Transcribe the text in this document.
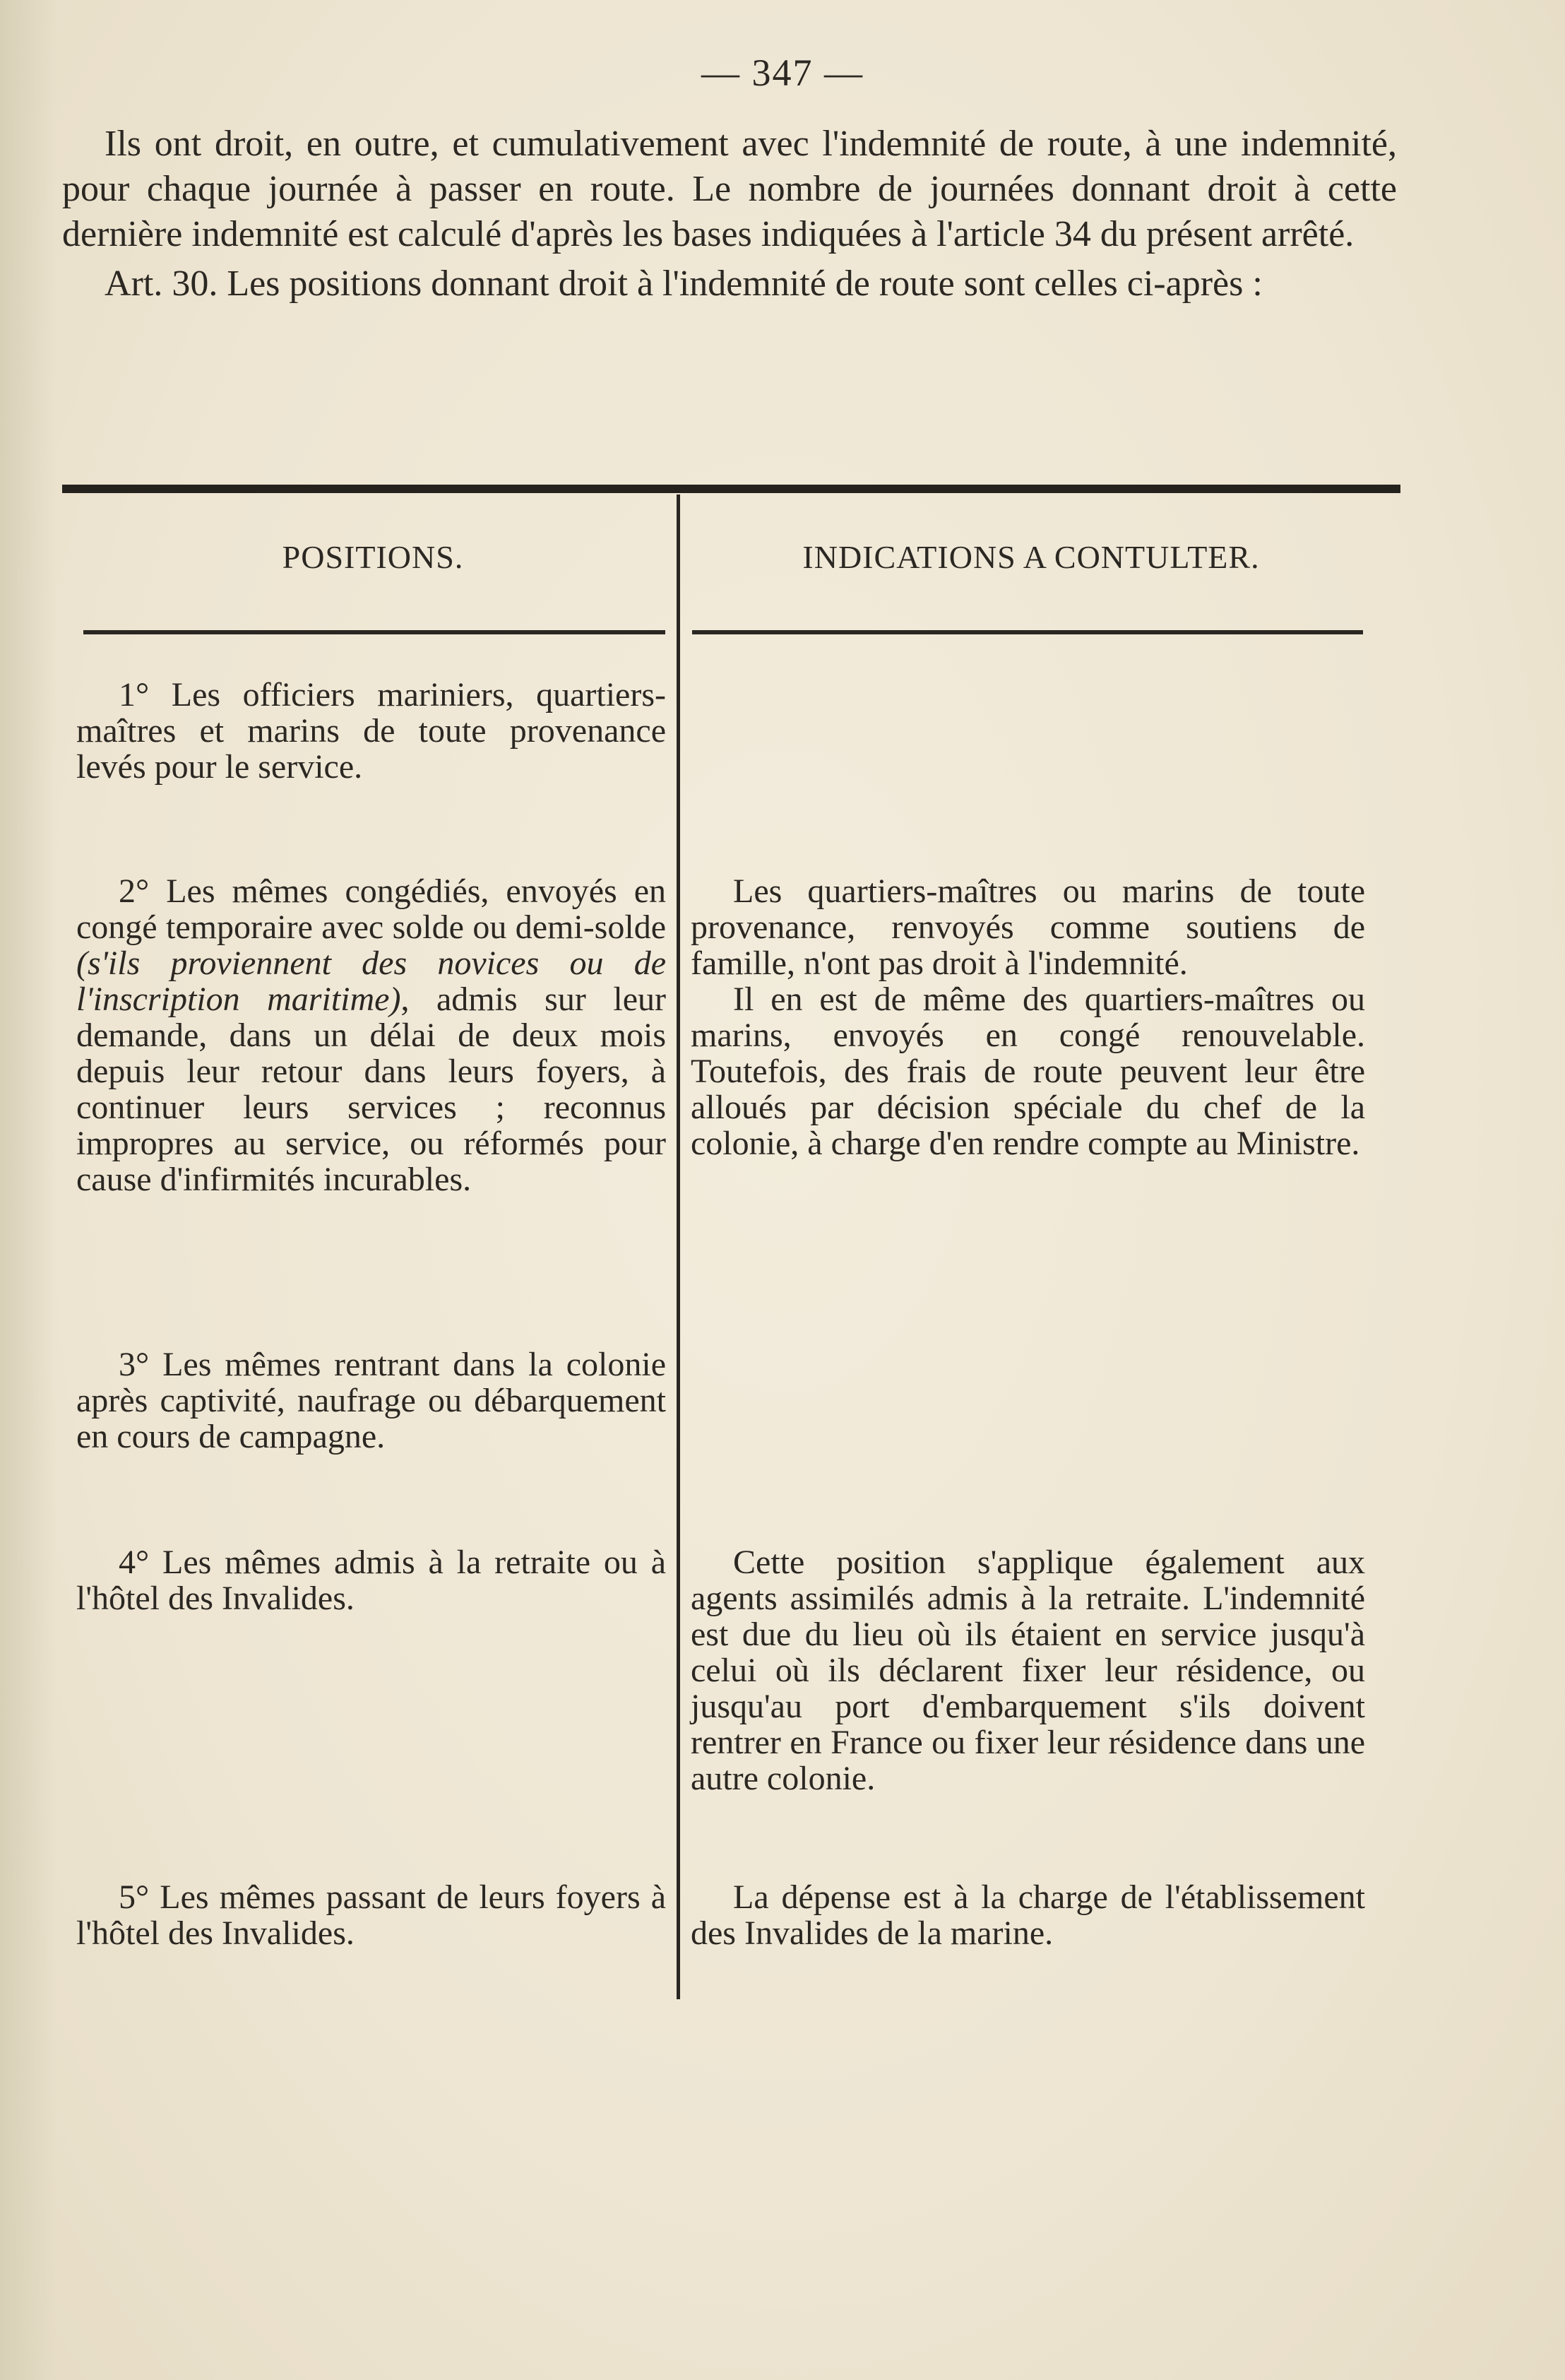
— 347 —

Ils ont droit, en outre, et cumulativement avec l'indemnité de route, à une indemnité, pour chaque journée à passer en route. Le nombre de journées donnant droit à cette dernière indemnité est calculé d'après les bases indiquées à l'article 34 du présent arrêté.

Art. 30. Les positions donnant droit à l'indemnité de route sont celles ci-après :

POSITIONS.	INDICATIONS A CONTULTER.

1° Les officiers mariniers, quartiers-maîtres et marins de toute provenance levés pour le service.

2° Les mêmes congédiés, envoyés en congé temporaire avec solde ou demi-solde (s'ils proviennent des novices ou de l'inscription maritime), admis sur leur demande, dans un délai de deux mois depuis leur retour dans leurs foyers, à continuer leurs services ; reconnus impropres au service, ou réformés pour cause d'infirmités incurables.

Les quartiers-maîtres ou marins de toute provenance, renvoyés comme soutiens de famille, n'ont pas droit à l'indemnité.

Il en est de même des quartiers-maîtres ou marins, envoyés en congé renouvelable. Toutefois, des frais de route peuvent leur être alloués par décision spéciale du chef de la colonie, à charge d'en rendre compte au Ministre.

3° Les mêmes rentrant dans la colonie après captivité, naufrage ou débarquement en cours de campagne.

4° Les mêmes admis à la retraite ou à l'hôtel des Invalides.

Cette position s'applique également aux agents assimilés admis à la retraite. L'indemnité est due du lieu où ils étaient en service jusqu'à celui où ils déclarent fixer leur résidence, ou jusqu'au port d'embarquement s'ils doivent rentrer en France ou fixer leur résidence dans une autre colonie.

5° Les mêmes passant de leurs foyers à l'hôtel des Invalides.

La dépense est à la charge de l'établissement des Invalides de la marine.
